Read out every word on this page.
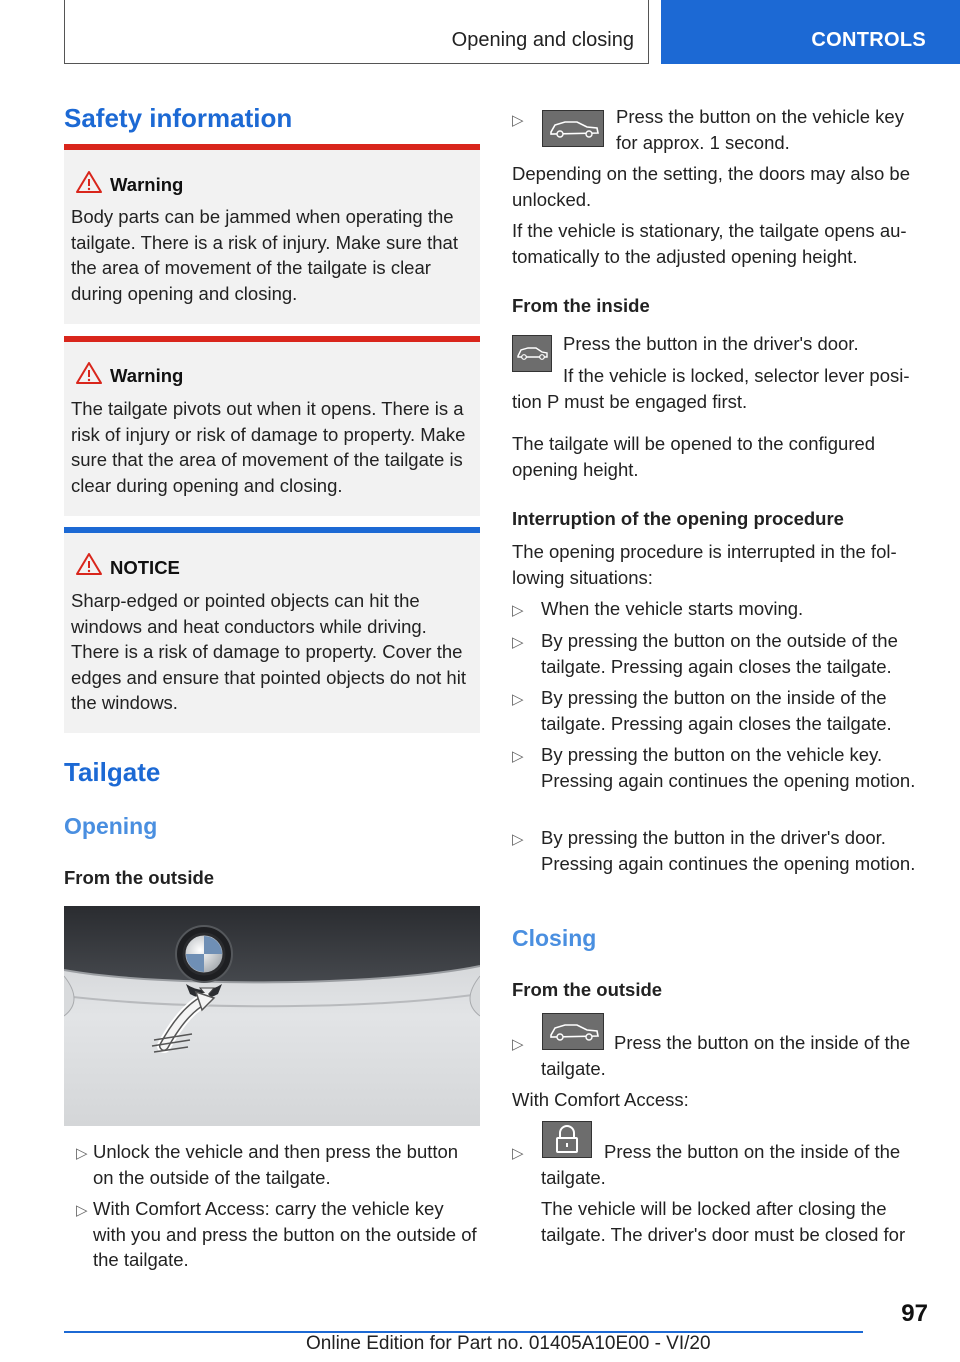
Opening and closing	CONTROLS
Safety information
Warning
Body parts can be jammed when operating the tailgate. There is a risk of injury. Make sure that the area of movement of the tailgate is clear during opening and closing.
Warning
The tailgate pivots out when it opens. There is a risk of injury or risk of damage to property. Make sure that the area of movement of the tailgate is clear during opening and closing.
NOTICE
Sharp-edged or pointed objects can hit the windows and heat conductors while driving. There is a risk of damage to property. Cover the edges and ensure that pointed objects do not hit the windows.
Tailgate
Opening
From the outside
▷ Unlock the vehicle and then press the button on the outside of the tailgate.
▷ With Comfort Access: carry the vehicle key with you and press the button on the outside of the tailgate.
▷	Press the button on the vehicle key for approx. 1 second.
Depending on the setting, the doors may also be unlocked.
If the vehicle is stationary, the tailgate opens automatically to the adjusted opening height.
From the inside
Press the button in the driver's door.
If the vehicle is locked, selector lever position P must be engaged first.
The tailgate will be opened to the configured opening height.
Interruption of the opening procedure
The opening procedure is interrupted in the following situations:
▷ When the vehicle starts moving.
▷ By pressing the button on the outside of the tailgate. Pressing again closes the tailgate.
▷ By pressing the button on the inside of the tailgate. Pressing again closes the tailgate.
▷ By pressing the button on the vehicle key. Pressing again continues the opening motion.
▷ By pressing the button in the driver's door. Pressing again continues the opening motion.
Closing
From the outside
▷	Press the button on the inside of the tailgate.
With Comfort Access:
▷	Press the button on the inside of the tailgate.
The vehicle will be locked after closing the tailgate. The driver's door must be closed for
97
Online Edition for Part no. 01405A10E00 - VI/20
